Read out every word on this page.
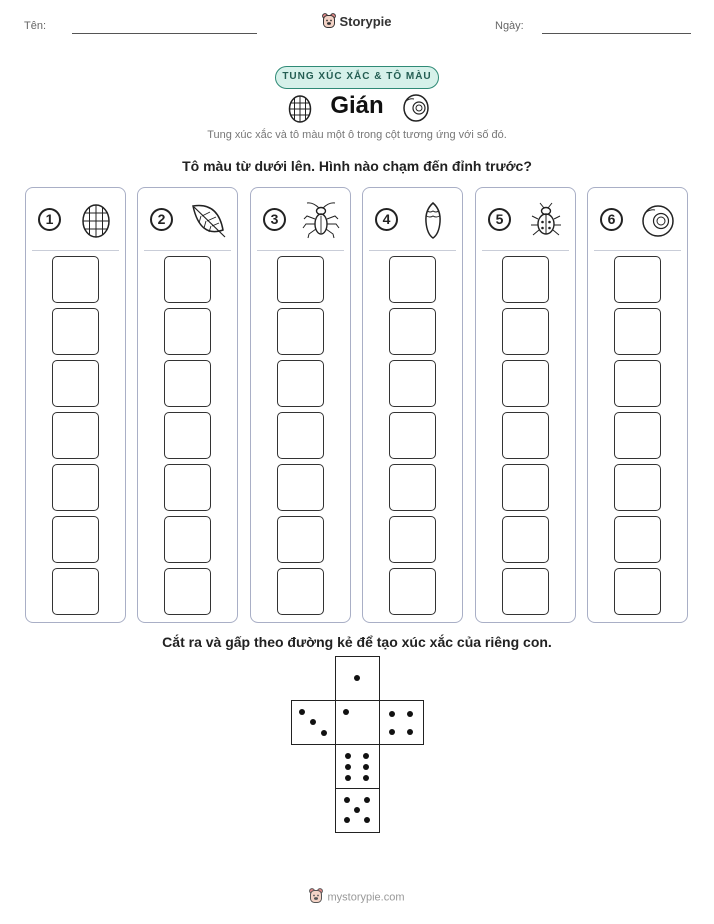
Tên:	Ngày:
Storypie
TUNG XÚC XẮC & TÔ MÀU
Gián
Tung xúc xắc và tô màu một ô trong cột tương ứng với số đó.
Tô màu từ dưới lên. Hình nào chạm đến đỉnh trước?
1	2	3	4	5	6
Cắt ra và gấp theo đường kẻ để tạo xúc xắc của riêng con.
mystorypie.com
